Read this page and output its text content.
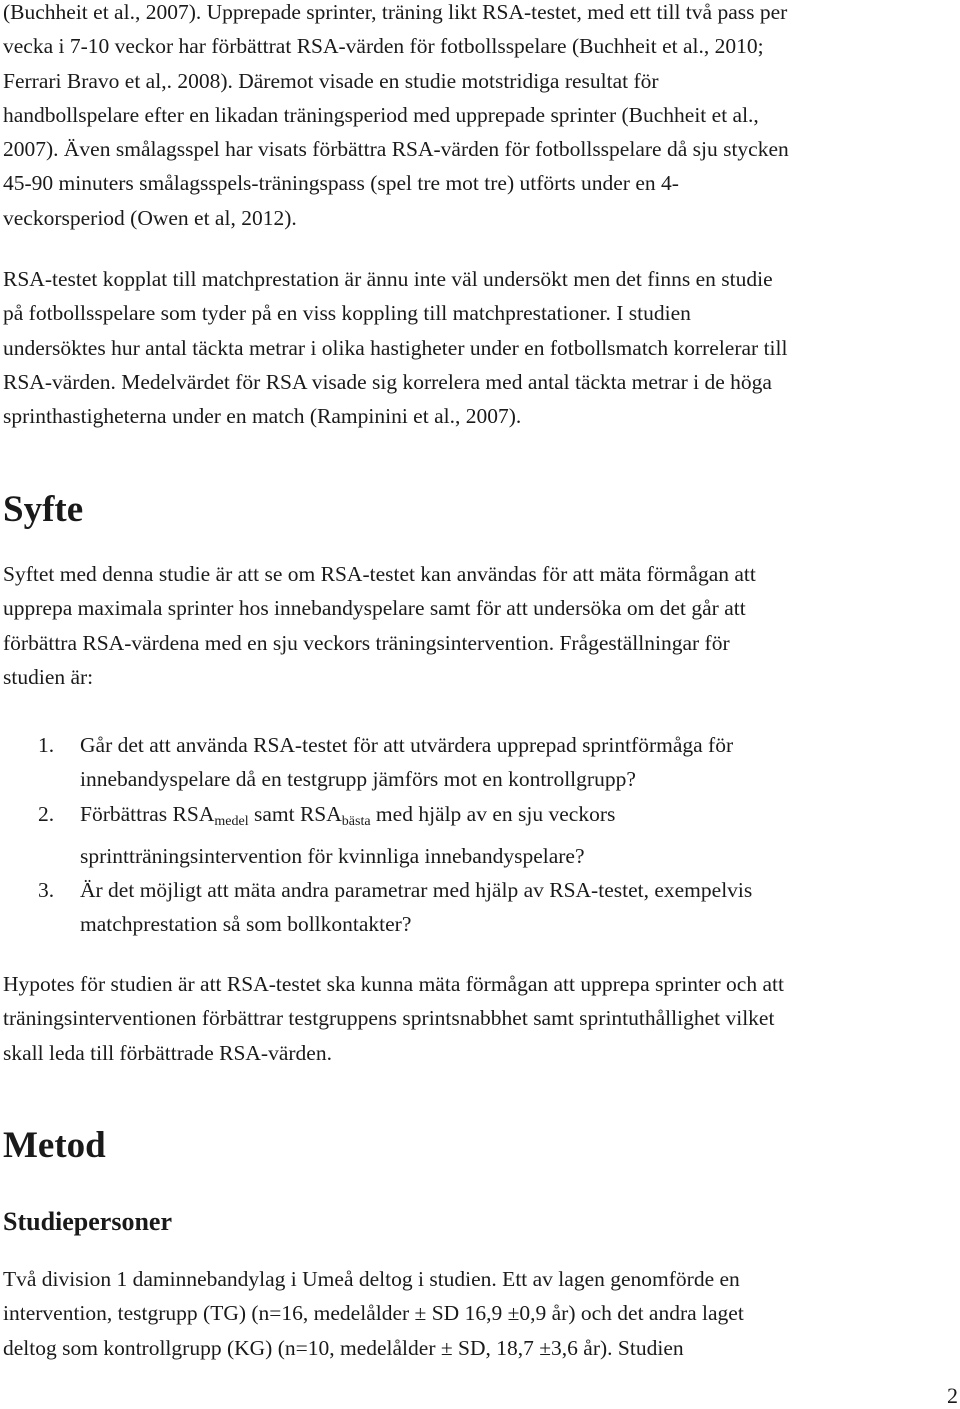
(Buchheit et al., 2007). Upprepade sprinter, träning likt RSA-testet, med ett till två pass per
vecka i 7-10 veckor har förbättrat RSA-värden för fotbollsspelare (Buchheit et al., 2010;
Ferrari Bravo et al,. 2008). Däremot visade en studie motstridiga resultat för
handbollspelare efter en likadan träningsperiod med upprepade sprinter (Buchheit et al.,
2007). Även smålagsspel har visats förbättra RSA-värden för fotbollsspelare då sju stycken
45-90 minuters smålagsspels-träningspass (spel tre mot tre) utförts under en 4-
veckorsperiod (Owen et al, 2012).

RSA-testet kopplat till matchprestation är ännu inte väl undersökt men det finns en studie
på fotbollsspelare som tyder på en viss koppling till matchprestationer. I studien
undersöktes hur antal täckta metrar i olika hastigheter under en fotbollsmatch korrelerar till
RSA-värden. Medelvärdet för RSA visade sig korrelera med antal täckta metrar i de höga
sprinthastigheterna under en match (Rampinini et al., 2007).

Syfte

Syftet med denna studie är att se om RSA-testet kan användas för att mäta förmågan att
upprepa maximala sprinter hos innebandyspelare samt för att undersöka om det går att
förbättra RSA-värdena med en sju veckors träningsintervention. Frågeställningar för
studien är:

1. Går det att använda RSA-testet för att utvärdera upprepad sprintförmåga för
innebandyspelare då en testgrupp jämförs mot en kontrollgrupp?
2. Förbättras $RSA_{medel}$ samt $RSA_{bästa}$ med hjälp av en sju veckors
sprintträningsintervention för kvinnliga innebandyspelare?
3. Är det möjligt att mäta andra parametrar med hjälp av RSA-testet, exempelvis
matchprestation så som bollkontakter?

Hypotes för studien är att RSA-testet ska kunna mäta förmågan att upprepa sprinter och att
träningsinterventionen förbättrar testgruppens sprintsnabbhet samt sprintuthållighet vilket
skall leda till förbättrade RSA-värden.

Metod
Studiepersoner

Två division 1 daminnebandylag i Umeå deltog i studien. Ett av lagen genomförde en
intervention, testgrupp (TG) (n=16, medelålder ± SD 16,9 ±0,9 år) och det andra laget
deltog som kontrollgrupp (KG) (n=10, medelålder ± SD, 18,7 ±3,6 år). Studien

2
